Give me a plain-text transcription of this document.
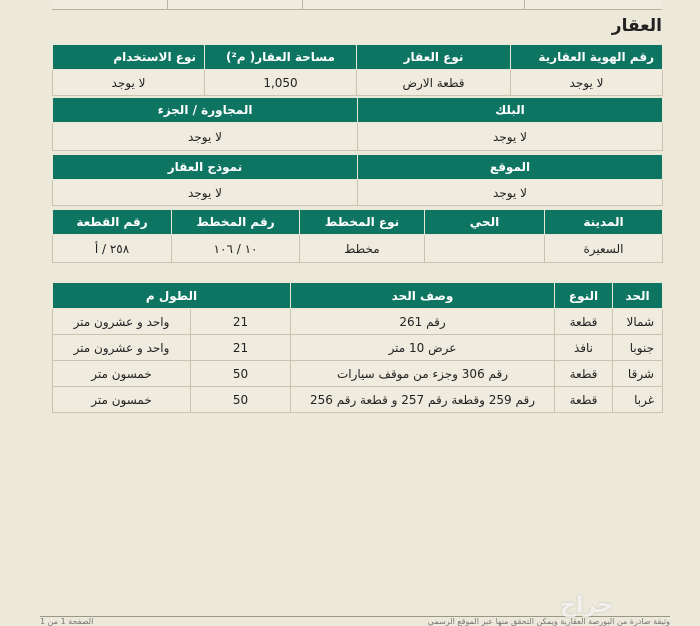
العقار
رقم الهوية العقارية	نوع العقار	مساحة العقار( م²)	نوع الاستخدام
لا يوجد	قطعة الارض	1,050	لا يوجد
البلك	المجاورة / الجزء
لا يوجد	لا يوجد
الموقع	نموذج العقار
لا يوجد	لا يوجد
المدينة	الحي	نوع المخطط	رقم المخطط	رقم القطعة
السعيرة		مخطط	١٠ / ١٠٦	٢٥٨ / أ
الحد	النوع	وصف الحد	الطول م	
شمالا	قطعة	رقم 261	21	واحد و عشرون متر
جنوبا	نافذ	عرض 10 متر	21	واحد و عشرون متر
شرقا	قطعة	رقم 306 وجزء من موقف سيارات	50	خمسون متر
غربا	قطعة	رقم 259 وقطعة رقم 257 و قطعة رقم 256	50	خمسون متر
وثيقة صادرة من البورصة العقارية ويمكن التحقق منها عبر الموقع الرسمي
الصفحة 1 من 1
حراج
